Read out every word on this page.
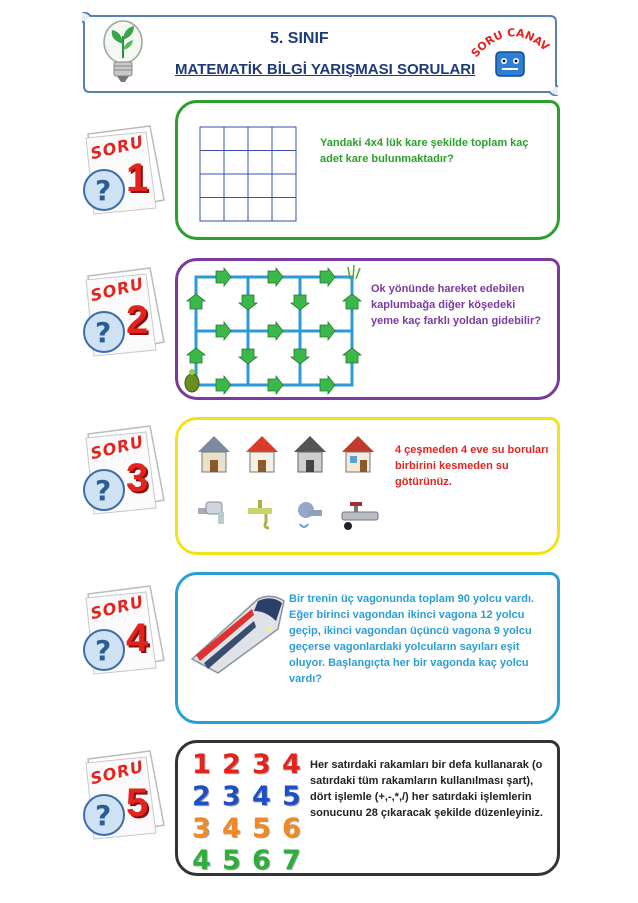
5. SINIF
MATEMATİK BİLGİ YARIŞMASI SORULARI
SORU CANAV
?
SORU
1
?
SORU
2
?
SORU
3
?
SORU
4
?
SORU
5
Yandaki 4x4 lük kare şekilde toplam kaç adet kare bulunmaktadır?
Ok yönünde hareket edebilen kaplumbağa diğer köşedeki yeme kaç farklı yoldan gidebilir?
4 çeşmeden 4 eve su boruları birbirini kesmeden su götürünüz.
Bir trenin üç vagonunda toplam 90 yolcu vardı. Eğer birinci vagondan ikinci vagona 12 yolcu geçip, ikinci vagondan üçüncü vagona 9 yolcu geçerse vagonlardaki yolcuların sayıları eşit oluyor. Başlangıçta her bir vagonda kaç yolcu vardı?
1 2 3 4
2 3 4 5
3 4 5 6
4 5 6 7
Her satırdaki rakamları bir defa kullanarak (o satırdaki tüm rakamların kullanılması şart), dört işlemle (+,-,*,/) her satırdaki işlemlerin sonucunu 28 çıkaracak şekilde düzenleyiniz.
